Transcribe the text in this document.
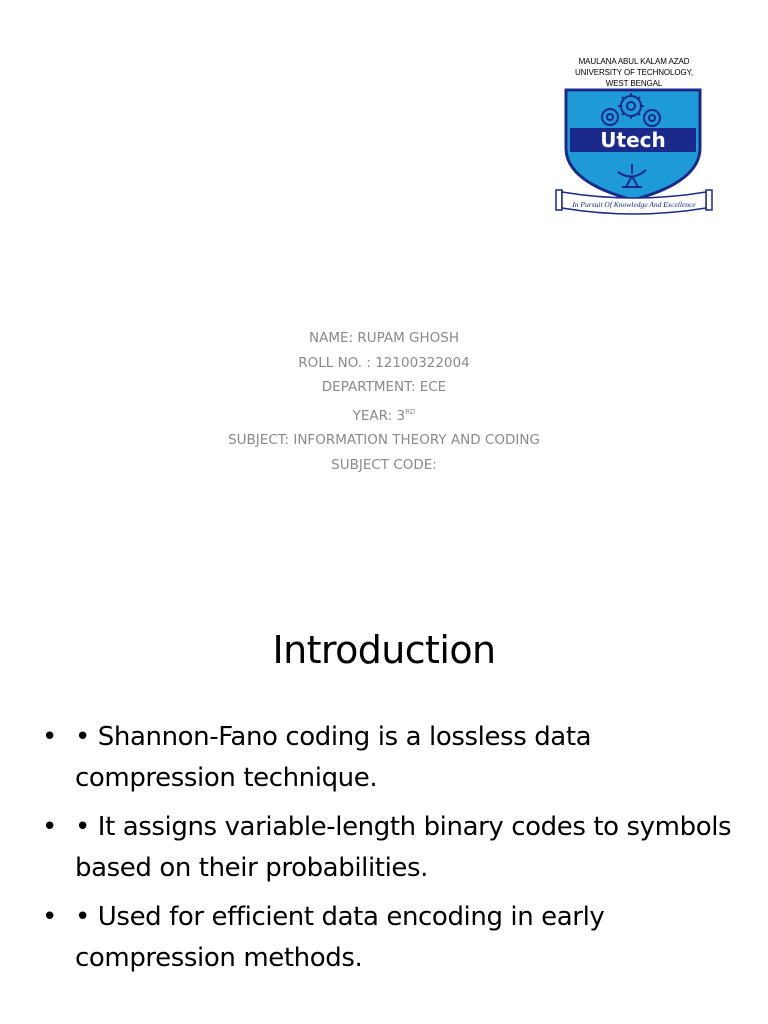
MAULANA ABUL KALAM AZAD
UNIVERSITY OF TECHNOLOGY,
WEST BENGAL
Utech
In Pursuit Of Knowledge And Excellence
NAME: RUPAM GHOSH
ROLL NO. : 12100322004
DEPARTMENT: ECE
YEAR: 3RD
SUBJECT: INFORMATION THEORY AND CODING
SUBJECT CODE:
Introduction
• • Shannon-Fano coding is a lossless data compression technique.
• • It assigns variable-length binary codes to symbols based on their probabilities.
• • Used for efficient data encoding in early compression methods.
